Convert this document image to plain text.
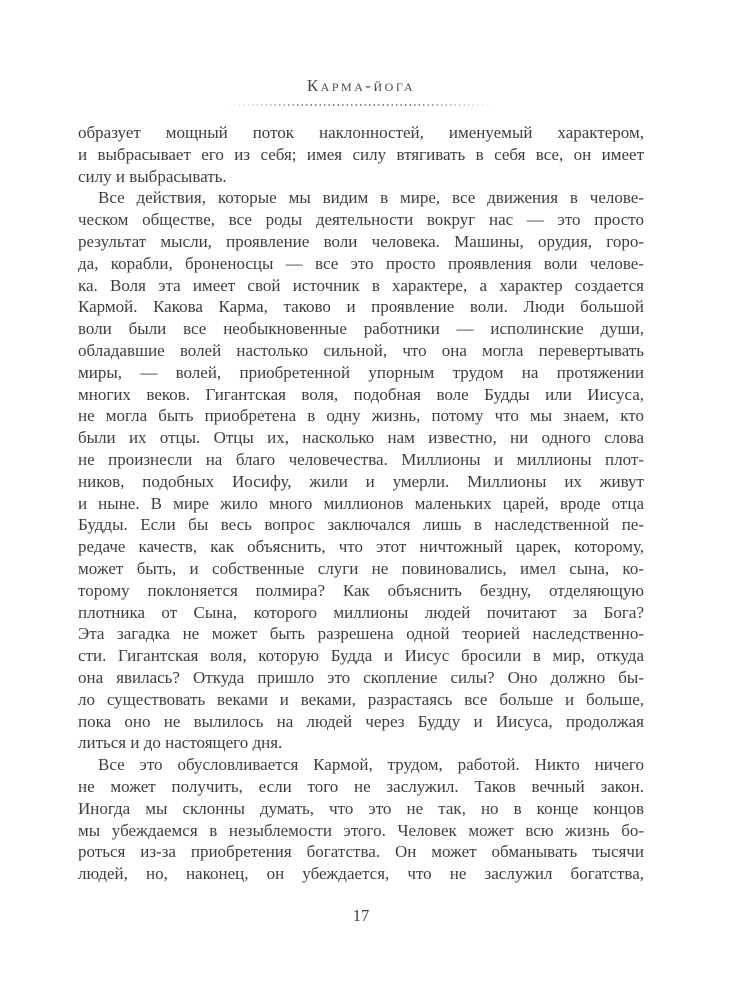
Карма-йога
образует мощный поток наклонностей, именуемый характером,
и выбрасывает его из себя; имея силу втягивать в себя все, он имеет
силу и выбрасывать.
Все действия, которые мы видим в мире, все движения в челове-
ческом обществе, все роды деятельности вокруг нас — это просто
результат мысли, проявление воли человека. Машины, орудия, горо-
да, корабли, броненосцы — все это просто проявления воли челове-
ка. Воля эта имеет свой источник в характере, а характер создается
Кармой. Какова Карма, таково и проявление воли. Люди большой
воли были все необыкновенные работники — исполинские души,
обладавшие волей настолько сильной, что она могла перевертывать
миры, — волей, приобретенной упорным трудом на протяжении
многих веков. Гигантская воля, подобная воле Будды или Иисуса,
не могла быть приобретена в одну жизнь, потому что мы знаем, кто
были их отцы. Отцы их, насколько нам известно, ни одного слова
не произнесли на благо человечества. Миллионы и миллионы плот-
ников, подобных Иосифу, жили и умерли. Миллионы их живут
и ныне. В мире жило много миллионов маленьких царей, вроде отца
Будды. Если бы весь вопрос заключался лишь в наследственной пе-
редаче качеств, как объяснить, что этот ничтожный царек, которому,
может быть, и собственные слуги не повиновались, имел сына, ко-
торому поклоняется полмира? Как объяснить бездну, отделяющую
плотника от Сына, которого миллионы людей почитают за Бога?
Эта загадка не может быть разрешена одной теорией наследственно-
сти. Гигантская воля, которую Будда и Иисус бросили в мир, откуда
она явилась? Откуда пришло это скопление силы? Оно должно бы-
ло существовать веками и веками, разрастаясь все больше и больше,
пока оно не вылилось на людей через Будду и Иисуса, продолжая
литься и до настоящего дня.
Все это обусловливается Кармой, трудом, работой. Никто ничего
не может получить, если того не заслужил. Таков вечный закон.
Иногда мы склонны думать, что это не так, но в конце концов
мы убеждаемся в незыблемости этого. Человек может всю жизнь бо-
роться из-за приобретения богатства. Он может обманывать тысячи
людей, но, наконец, он убеждается, что не заслужил богатства,
17
